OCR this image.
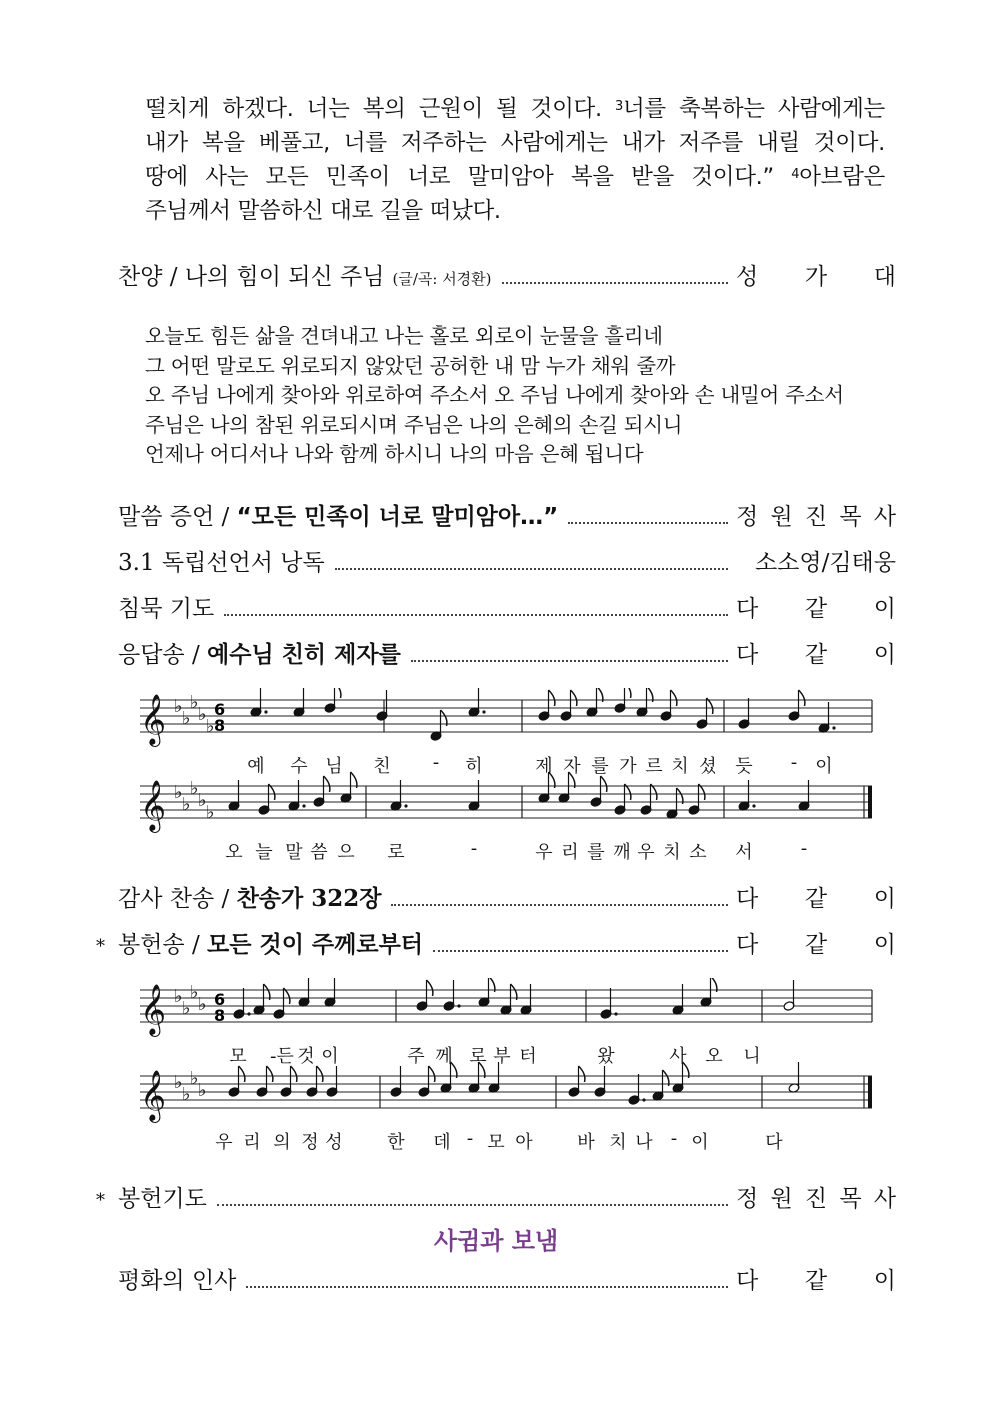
떨치게 하겠다. 너는 복의 근원이 될 것이다. $^3$너를 축복하는 사람에게는
내가 복을 베풀고, 너를 저주하는 사람에게는 내가 저주를 내릴 것이다.
땅에 사는 모든 민족이 너로 말미암아 복을 받을 것이다.” $^4$아브람은
주님께서 말씀하신 대로 길을 떠났다.
찬양 / 나의 힘이 되신 주님 (글/곡: 서경환)	성 가 대
오늘도 힘든 삶을 견뎌내고 나는 홀로 외로이 눈물을 흘리네
그 어떤 말로도 위로되지 않았던 공허한 내 맘 누가 채워 줄까
오 주님 나에게 찾아와 위로하여 주소서 오 주님 나에게 찾아와 손 내밀어 주소서
주님은 나의 참된 위로되시며 주님은 나의 은혜의 손길 되시니
언제나 어디서나 나와 함께 하시니 나의 마음 은혜 됩니다
말씀 증언 / “모든 민족이 너로 말미암아…”	정 원 진 목 사
3.1 독립선언서 낭독	소소영/김태웅
침묵 기도	다 같 이
응답송 / 예수님 친히 제자를	다 같 이
𝄞 ♭
♭
♭
♭
♭
6
8
𝄞 ♭
♭
♭
♭
♭
예 수 님 친 - 히	제 자 를 가 르 치 셨 듯 - 이
오 늘 말 씀 으 로	-	우 리 를 깨 우 치 소 서	-
감사 찬송 / 찬송가 322장	다 같 이
* 봉헌송 / 모든 것이 주께로부터	다 같 이
𝄞 ♭
♭
♭
♭ 6
8
𝄞 ♭
♭
♭
♭
모 -든 것 이	주 께 로 부 터	왔	사 오 니
우 리 의 정 성 한 데 - 모 아 바 치 나 - 이	다
* 봉헌기도	정 원 진 목 사
사귐과 보냄
평화의 인사	다 같 이
